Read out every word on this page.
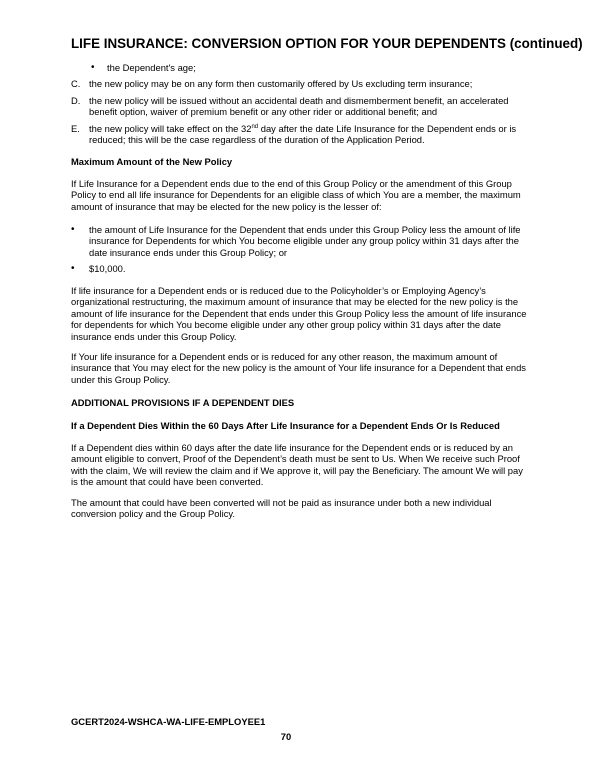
LIFE INSURANCE: CONVERSION OPTION FOR YOUR DEPENDENTS (continued)
• the Dependent's age;
C. the new policy may be on any form then customarily offered by Us excluding term insurance;
D. the new policy will be issued without an accidental death and dismemberment benefit, an accelerated benefit option, waiver of premium benefit or any other rider or additional benefit; and
E. the new policy will take effect on the 32nd day after the date Life Insurance for the Dependent ends or is reduced; this will be the case regardless of the duration of the Application Period.
Maximum Amount of the New Policy
If Life Insurance for a Dependent ends due to the end of this Group Policy or the amendment of this Group Policy to end all life insurance for Dependents for an eligible class of which You are a member, the maximum amount of insurance that may be elected for the new policy is the lesser of:
• the amount of Life Insurance for the Dependent that ends under this Group Policy less the amount of life insurance for Dependents for which You become eligible under any group policy within 31 days after the date insurance ends under this Group Policy; or
• $10,000.
If life insurance for a Dependent ends or is reduced due to the Policyholder’s or Employing Agency’s organizational restructuring, the maximum amount of insurance that may be elected for the new policy is the amount of life insurance for the Dependent that ends under this Group Policy less the amount of life insurance for dependents for which You become eligible under any other group policy within 31 days after the date insurance ends under this Group Policy.
If Your life insurance for a Dependent ends or is reduced for any other reason, the maximum amount of insurance that You may elect for the new policy is the amount of Your life insurance for a Dependent that ends under this Group Policy.
ADDITIONAL PROVISIONS IF A DEPENDENT DIES
If a Dependent Dies Within the 60 Days After Life Insurance for a Dependent Ends Or Is Reduced
If a Dependent dies within 60 days after the date life insurance for the Dependent ends or is reduced by an amount eligible to convert, Proof of the Dependent’s death must be sent to Us. When We receive such Proof with the claim, We will review the claim and if We approve it, will pay the Beneficiary. The amount We will pay is the amount that could have been converted.
The amount that could have been converted will not be paid as insurance under both a new individual conversion policy and the Group Policy.
GCERT2024-WSHCA-WA-LIFE-EMPLOYEE1
70
